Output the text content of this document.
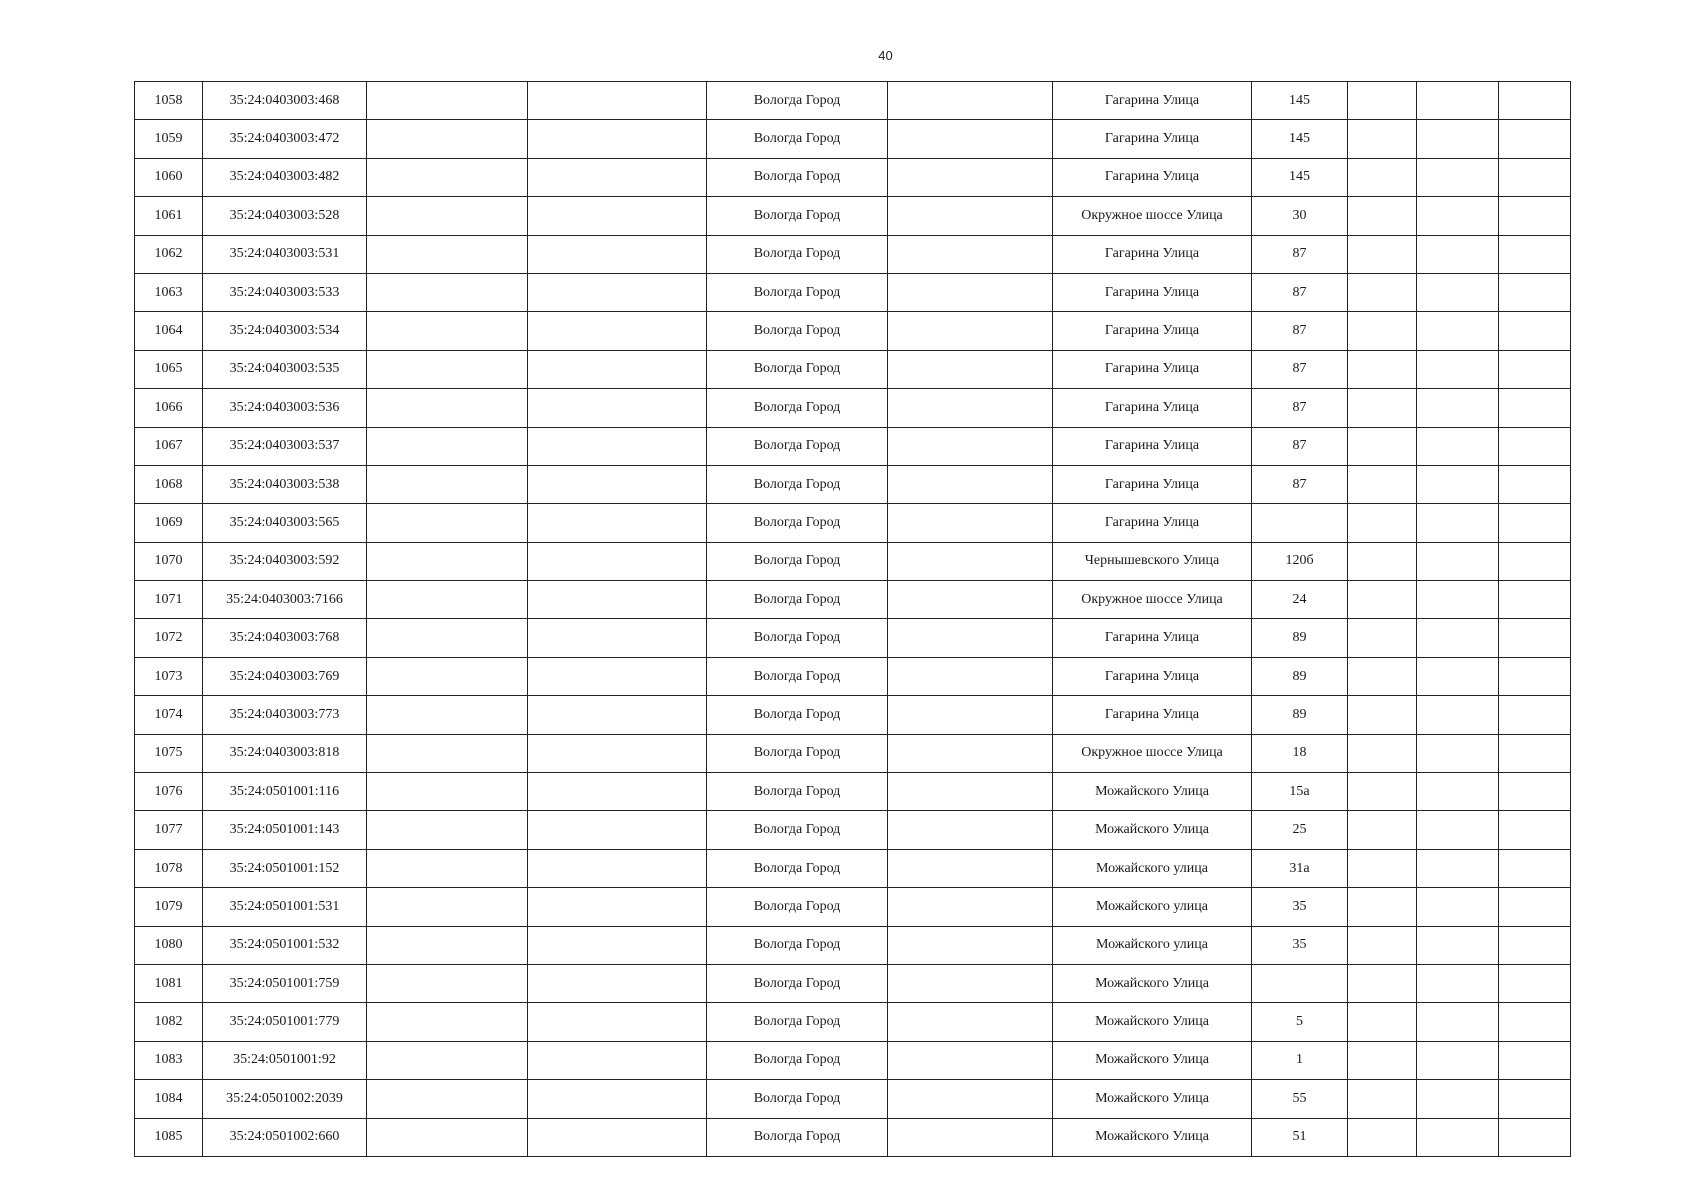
40
1058	35:24:0403003:468			Вологда Город		Гагарина Улица	145			
1059	35:24:0403003:472			Вологда Город		Гагарина Улица	145			
1060	35:24:0403003:482			Вологда Город		Гагарина Улица	145			
1061	35:24:0403003:528			Вологда Город		Окружное шоссе Улица	30			
1062	35:24:0403003:531			Вологда Город		Гагарина Улица	87			
1063	35:24:0403003:533			Вологда Город		Гагарина Улица	87			
1064	35:24:0403003:534			Вологда Город		Гагарина Улица	87			
1065	35:24:0403003:535			Вологда Город		Гагарина Улица	87			
1066	35:24:0403003:536			Вологда Город		Гагарина Улица	87			
1067	35:24:0403003:537			Вологда Город		Гагарина Улица	87			
1068	35:24:0403003:538			Вологда Город		Гагарина Улица	87			
1069	35:24:0403003:565			Вологда Город		Гагарина Улица				
1070	35:24:0403003:592			Вологда Город		Чернышевского Улица	120б			
1071	35:24:0403003:7166			Вологда Город		Окружное шоссе Улица	24			
1072	35:24:0403003:768			Вологда Город		Гагарина Улица	89			
1073	35:24:0403003:769			Вологда Город		Гагарина Улица	89			
1074	35:24:0403003:773			Вологда Город		Гагарина Улица	89			
1075	35:24:0403003:818			Вологда Город		Окружное шоссе Улица	18			
1076	35:24:0501001:116			Вологда Город		Можайского Улица	15а			
1077	35:24:0501001:143			Вологда Город		Можайского Улица	25			
1078	35:24:0501001:152			Вологда Город		Можайского улица	31а			
1079	35:24:0501001:531			Вологда Город		Можайского улица	35			
1080	35:24:0501001:532			Вологда Город		Можайского улица	35			
1081	35:24:0501001:759			Вологда Город		Можайского Улица				
1082	35:24:0501001:779			Вологда Город		Можайского Улица	5			
1083	35:24:0501001:92			Вологда Город		Можайского Улица	1			
1084	35:24:0501002:2039			Вологда Город		Можайского Улица	55			
1085	35:24:0501002:660			Вологда Город		Можайского Улица	51			
